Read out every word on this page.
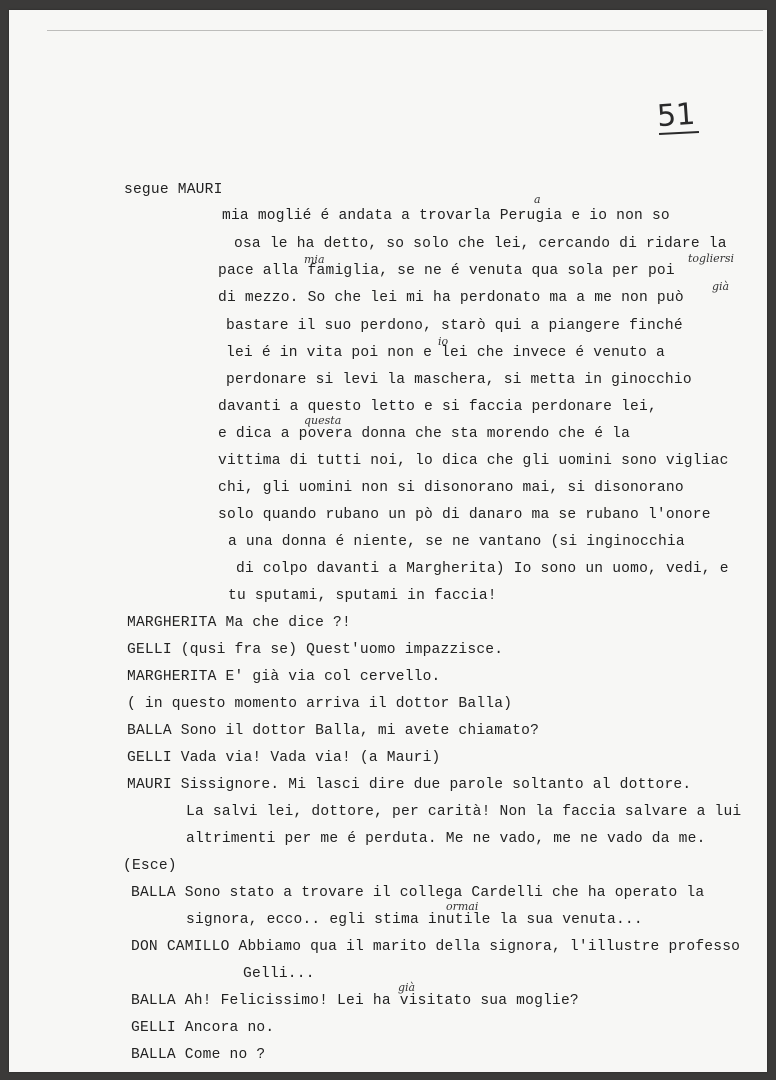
51
segue MAURI
mia moglié é andata a trovarla Perugia e io non so
osa le ha detto, so solo che lei, cercando di ridare la
pace alla famiglia, se ne é venuta qua sola per poi
di mezzo. So che lei mi ha perdonato ma a me non può
bastare il suo perdono, starò qui a piangere finché
lei é in vita poi non e lei che invece é venuto a
perdonare si levi la maschera, si metta in ginocchio
davanti a questo letto e si faccia perdonare lei,
e dica a povera donna che sta morendo che é la
vittima di tutti noi, lo dica che gli uomini sono vigliac
chi, gli uomini non si disonorano mai, si disonorano
solo quando rubano un pò di danaro ma se rubano l'onore
a una donna é niente, se ne vantano (si inginocchia
di colpo davanti a Margherita) Io sono un uomo, vedi, e
tu sputami, sputami in faccia!
MARGHERITA Ma che dice ?!
GELLI (qusi fra se) Quest'uomo impazzisce.
MARGHERITA E' già via col cervello.
( in questo momento arriva il dottor Balla)
BALLA Sono il dottor Balla, mi avete chiamato?
GELLI Vada via! Vada via! (a Mauri)
MAURI Sissignore. Mi lasci dire due parole soltanto al dottore.
La salvi lei, dottore, per carità! Non la faccia salvare a lui
altrimenti per me é perduta. Me ne vado, me ne vado da me.
(Esce)
BALLA Sono stato a trovare il collega Cardelli che ha operato la
signora, ecco.. egli stima inutile la sua venuta...
DON CAMILLO Abbiamo qua il marito della signora, l'illustre professo
Gelli...
BALLA Ah! Felicissimo! Lei ha visitato sua moglie?
GELLI Ancora no.
BALLA Come no ?
a
mia	togliersi
già
io
questa
ormai
già
